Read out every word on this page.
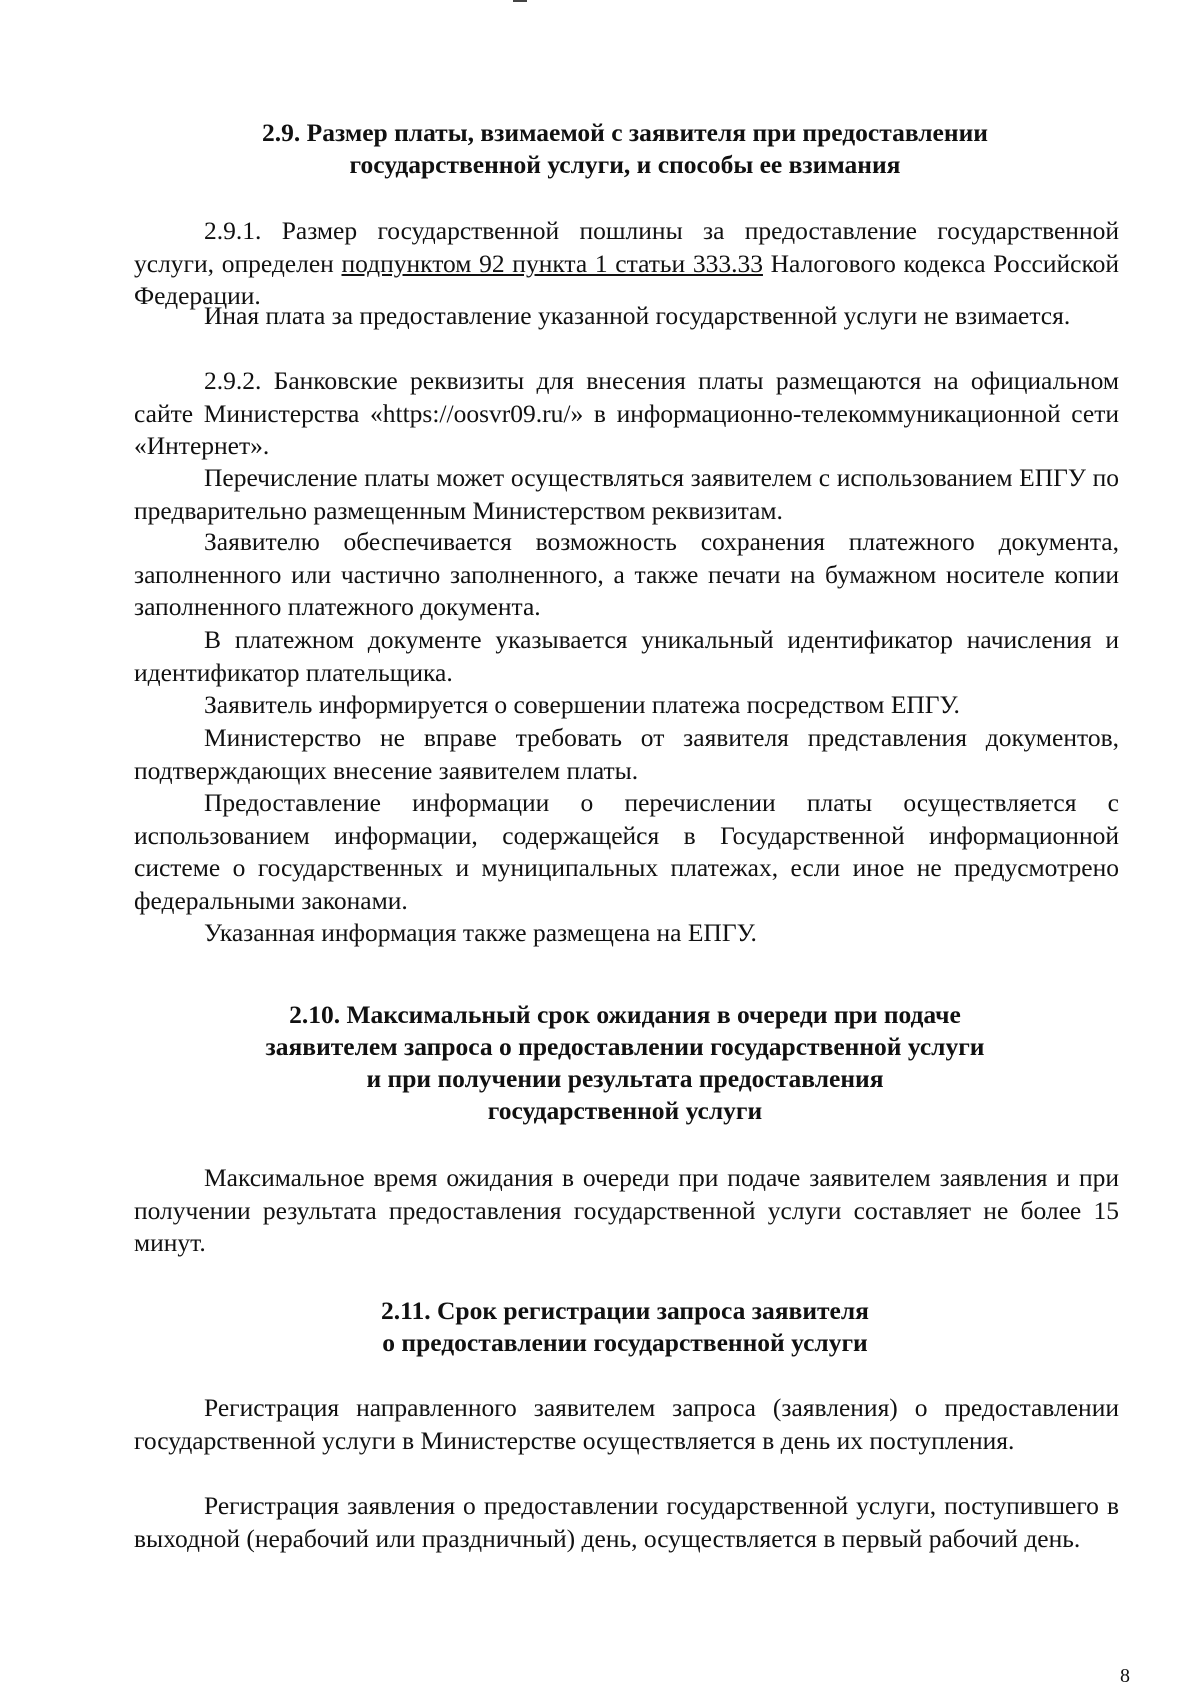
2.9. Размер платы, взимаемой с заявителя при предоставлении
государственной услуги, и способы ее взимания

2.9.1. Размер государственной пошлины за предоставление государственной услуги, определен подпунктом 92 пункта 1 статьи 333.33 Налогового кодекса Российской Федерации.

Иная плата за предоставление указанной государственной услуги не взимается.

2.9.2. Банковские реквизиты для внесения платы размещаются на официальном сайте Министерства «https://oosvr09.ru/» в информационно-телекоммуникационной сети «Интернет».

Перечисление платы может осуществляться заявителем с использованием ЕПГУ по предварительно размещенным Министерством реквизитам.

Заявителю обеспечивается возможность сохранения платежного документа, заполненного или частично заполненного, а также печати на бумажном носителе копии заполненного платежного документа.

В платежном документе указывается уникальный идентификатор начисления и идентификатор плательщика.

Заявитель информируется о совершении платежа посредством ЕПГУ.

Министерство не вправе требовать от заявителя представления документов, подтверждающих внесение заявителем платы.

Предоставление информации о перечислении платы осуществляется с использованием информации, содержащейся в Государственной информационной системе о государственных и муниципальных платежах, если иное не предусмотрено федеральными законами.

Указанная информация также размещена на ЕПГУ.

2.10. Максимальный срок ожидания в очереди при подаче
заявителем запроса о предоставлении государственной услуги
и при получении результата предоставления
государственной услуги

Максимальное время ожидания в очереди при подаче заявителем заявления и при получении результата предоставления государственной услуги составляет не более 15 минут.

2.11. Срок регистрации запроса заявителя
о предоставлении государственной услуги

Регистрация направленного заявителем запроса (заявления) о предоставлении государственной услуги в Министерстве осуществляется в день их поступления.

Регистрация заявления о предоставлении государственной услуги, поступившего в выходной (нерабочий или праздничный) день, осуществляется в первый рабочий день.

8
